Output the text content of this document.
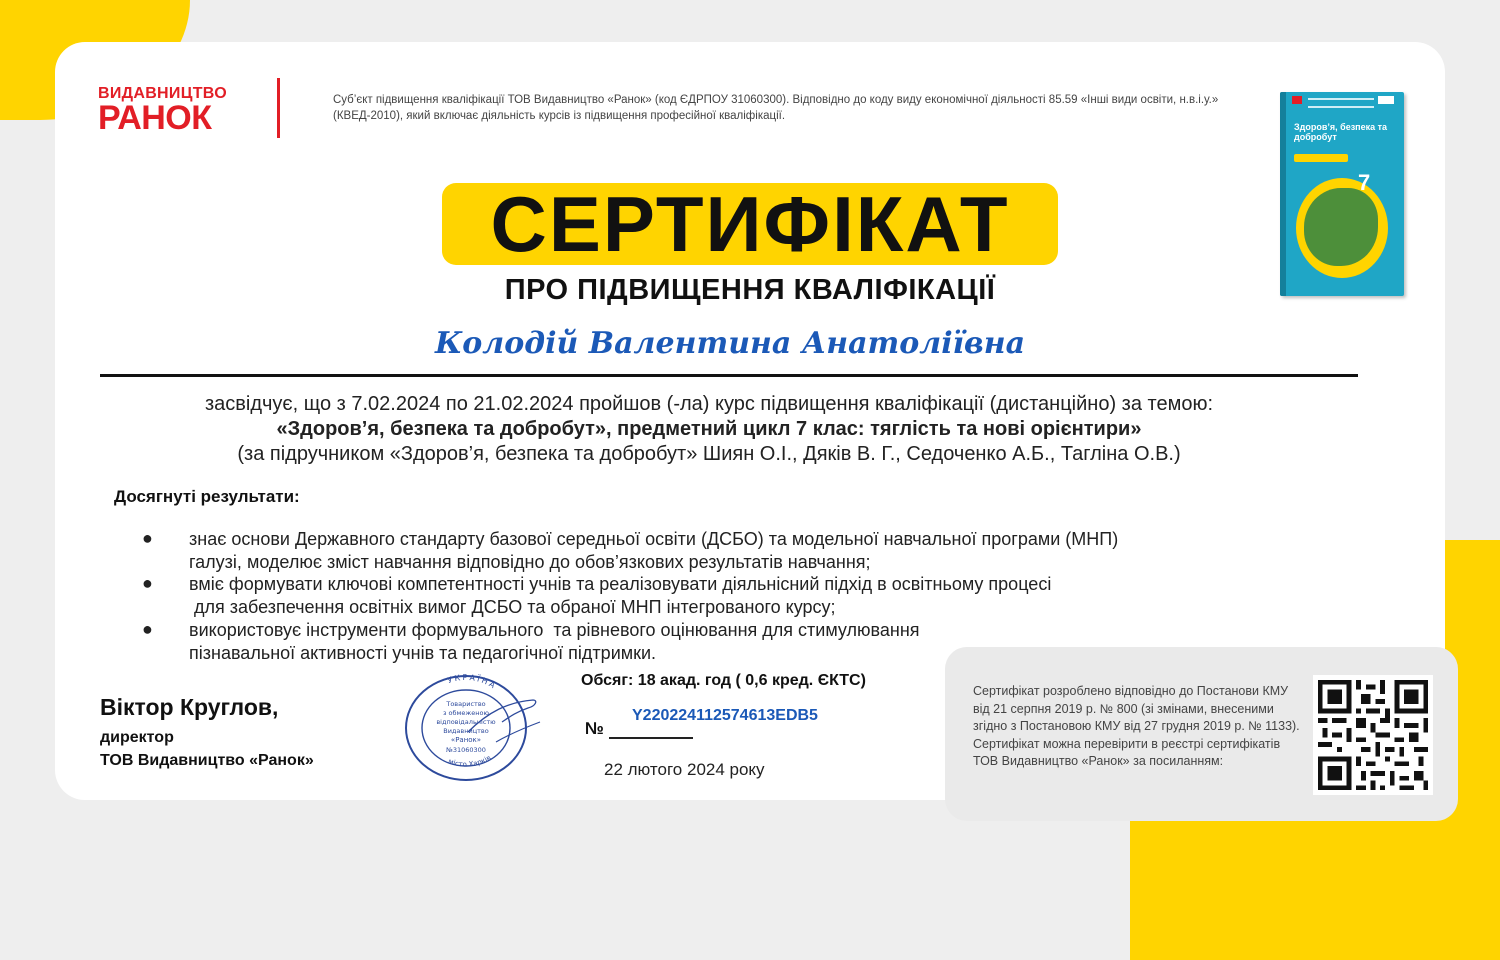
ВИДАВНИЦТВО
РАНОК	Суб’єкт підвищення кваліфікації ТОВ Видавництво «Ранок» (код ЄДРПОУ 31060300). Відповідно до коду виду економічної діяльності 85.59 «Інші види освіти, н.в.і.у.» (КВЕД-2010), який включає діяльність курсів із підвищення професійної кваліфікації.
Здоров’я, безпека та добробут
7
СЕРТИФІКАТ
ПРО ПІДВИЩЕННЯ КВАЛІФІКАЦІЇ
Колодій Валентина Анатоліївна
засвідчує, що з 7.02.2024 по 21.02.2024 пройшов (-ла) курс підвищення кваліфікації (дистанційно) за темою:
«Здоров’я, безпека та добробут», предметний цикл 7 клас: тяглість та нові орієнтири»
(за підручником «Здоров’я, безпека та добробут» Шиян О.І., Дяків В. Г., Седоченко А.Б., Тагліна О.В.)
Досягнуті результати:
● знає основи Державного стандарту базової середньої освіти (ДСБО) та модельної навчальної програми (МНП)
галузі, моделює зміст навчання відповідно до обов’язкових результатів навчання;
● вміє формувати ключові компетентності учнів та реалізовувати діяльнісний підхід в освітньому процесі
для забезпечення освітніх вимог ДСБО та обраної МНП інтегрованого курсу;
● використовує інструменти формувального  та рівневого оцінювання для стимулювання
пізнавальної активності учнів та педагогічної підтримки.
Віктор Круглов,
директор
ТОВ Видавництво «Ранок»
УКРАЇНА
місто Харків
Товариство
з обмеженою
відповідальністю
Видавництво
«Ранок»
№31060300
Обсяг: 18 акад. год ( 0,6 кред. ЄКТС)
№
Y220224112574613EDB5
22 лютого 2024 року
Сертифікат розроблено відповідно до Постанови КМУ від 21 серпня 2019 р. № 800 (зі змінами, внесеними згідно з Постановою КМУ від 27 грудня 2019 р. № 1133). Сертифікат можна перевірити в реєстрі сертифікатів ТОВ Видавництво «Ранок» за посиланням:
